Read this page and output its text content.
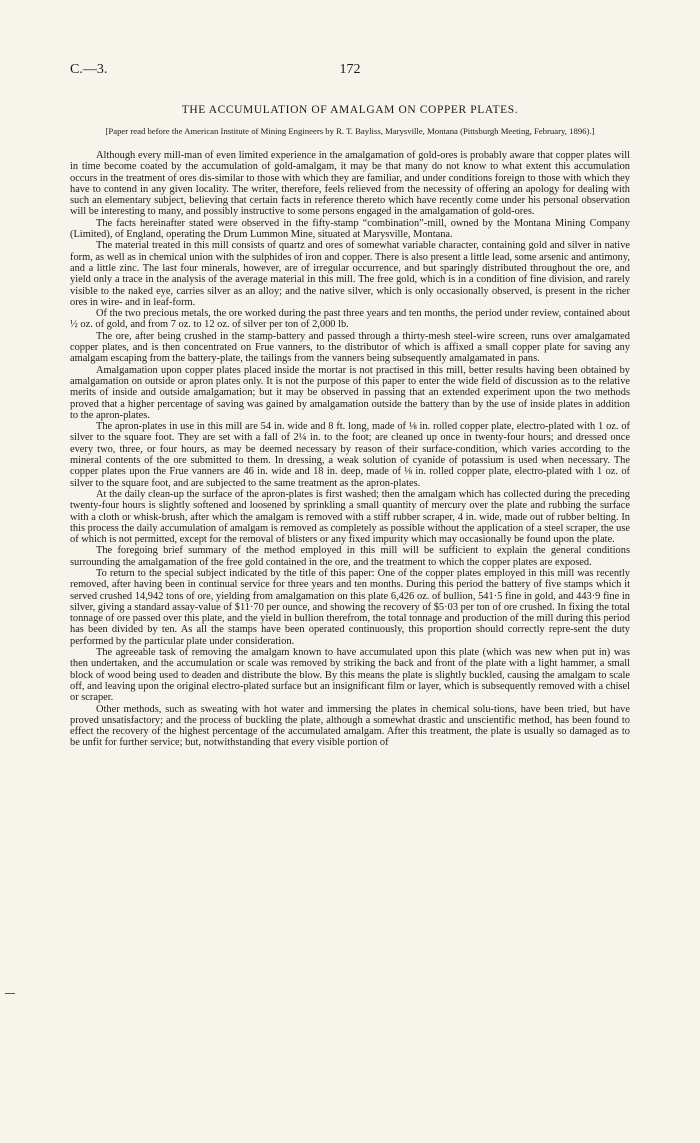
C.—3.	172
THE ACCUMULATION OF AMALGAM ON COPPER PLATES.
[Paper read before the American Institute of Mining Engineers by R. T. Bayliss, Marysville, Montana (Pittsburgh Meeting, February, 1896).]

Although every mill-man of even limited experience in the amalgamation of gold-ores is probably aware that copper plates will in time become coated by the accumulation of gold-amalgam, it may be that many do not know to what extent this accumulation occurs in the treatment of ores dis-similar to those with which they are familiar, and under conditions foreign to those with which they have to contend in any given locality. The writer, therefore, feels relieved from the necessity of offering an apology for dealing with such an elementary subject, believing that certain facts in reference thereto which have recently come under his personal observation will be interesting to many, and possibly instructive to some persons engaged in the amalgamation of gold-ores.

The facts hereinafter stated were observed in the fifty-stamp “combination”-mill, owned by the Montana Mining Company (Limited), of England, operating the Drum Lummon Mine, situated at Marysville, Montana.

The material treated in this mill consists of quartz and ores of somewhat variable character, containing gold and silver in native form, as well as in chemical union with the sulphides of iron and copper. There is also present a little lead, some arsenic and antimony, and a little zinc. The last four minerals, however, are of irregular occurrence, and but sparingly distributed throughout the ore, and yield only a trace in the analysis of the average material in this mill. The free gold, which is in a condition of fine division, and rarely visible to the naked eye, carries silver as an alloy; and the native silver, which is only occasionally observed, is present in the richer ores in wire- and in leaf-form.

Of the two precious metals, the ore worked during the past three years and ten months, the period under review, contained about ½ oz. of gold, and from 7 oz. to 12 oz. of silver per ton of 2,000 lb.

The ore, after being crushed in the stamp-battery and passed through a thirty-mesh steel-wire screen, runs over amalgamated copper plates, and is then concentrated on Frue vanners, to the distributor of which is affixed a small copper plate for saving any amalgam escaping from the battery-plate, the tailings from the vanners being subsequently amalgamated in pans.

Amalgamation upon copper plates placed inside the mortar is not practised in this mill, better results having been obtained by amalgamation on outside or apron plates only. It is not the purpose of this paper to enter the wide field of discussion as to the relative merits of inside and outside amalgamation; but it may be observed in passing that an extended experiment upon the two methods proved that a higher percentage of saving was gained by amalgamation outside the battery than by the use of inside plates in addition to the apron-plates.

The apron-plates in use in this mill are 54 in. wide and 8 ft. long, made of ⅛ in. rolled copper plate, electro-plated with 1 oz. of silver to the square foot. They are set with a fall of 2¼ in. to the foot; are cleaned up once in twenty-four hours; and dressed once every two, three, or four hours, as may be deemed necessary by reason of their surface-condition, which varies according to the mineral contents of the ore submitted to them. In dressing, a weak solution of cyanide of potassium is used when necessary. The copper plates upon the Frue vanners are 46 in. wide and 18 in. deep, made of ⅛ in. rolled copper plate, electro-plated with 1 oz. of silver to the square foot, and are subjected to the same treatment as the apron-plates.

At the daily clean-up the surface of the apron-plates is first washed; then the amalgam which has collected during the preceding twenty-four hours is slightly softened and loosened by sprinkling a small quantity of mercury over the plate and rubbing the surface with a cloth or whisk-brush, after which the amalgam is removed with a stiff rubber scraper, 4 in. wide, made out of rubber belting. In this process the daily accumulation of amalgam is removed as completely as possible without the application of a steel scraper, the use of which is not permitted, except for the removal of blisters or any fixed impurity which may occasionally be found upon the plate.

The foregoing brief summary of the method employed in this mill will be sufficient to explain the general conditions surrounding the amalgamation of the free gold contained in the ore, and the treatment to which the copper plates are exposed.

To return to the special subject indicated by the title of this paper: One of the copper plates employed in this mill was recently removed, after having been in continual service for three years and ten months. During this period the battery of five stamps which it served crushed 14,942 tons of ore, yielding from amalgamation on this plate 6,426 oz. of bullion, 541·5 fine in gold, and 443·9 fine in silver, giving a standard assay-value of $11·70 per ounce, and showing the recovery of $5·03 per ton of ore crushed. In fixing the total tonnage of ore passed over this plate, and the yield in bullion therefrom, the total tonnage and production of the mill during this period has been divided by ten. As all the stamps have been operated continuously, this proportion should correctly repre-sent the duty performed by the particular plate under consideration.

The agreeable task of removing the amalgam known to have accumulated upon this plate (which was new when put in) was then undertaken, and the accumulation or scale was removed by striking the back and front of the plate with a light hammer, a small block of wood being used to deaden and distribute the blow. By this means the plate is slightly buckled, causing the amalgam to scale off, and leaving upon the original electro-plated surface but an insignificant film or layer, which is subsequently removed with a chisel or scraper.

Other methods, such as sweating with hot water and immersing the plates in chemical solu-tions, have been tried, but have proved unsatisfactory; and the process of buckling the plate, although a somewhat drastic and unscientific method, has been found to effect the recovery of the highest percentage of the accumulated amalgam. After this treatment, the plate is usually so damaged as to be unfit for further service; but, notwithstanding that every visible portion of
